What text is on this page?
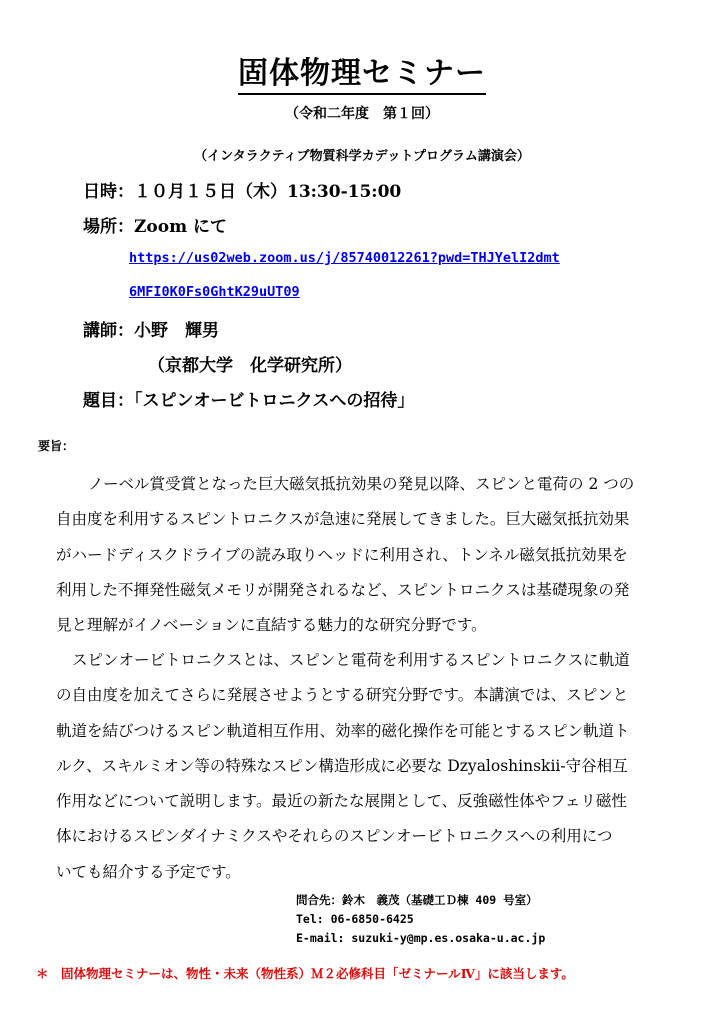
固体物理セミナー
（令和二年度　第１回）
（インタラクティブ物質科学カデットプログラム講演会）
日時：１０月１５日（木）13:30-15:00
場所：Zoom にて
https://us02web.zoom.us/j/85740012261?pwd=THJYelI2dmt
6MFI0K0Fs0GhtK29uUT09
講師：小野　輝男
（京都大学　化学研究所）
題目：「スピンオービトロニクスへの招待」
要旨：
ノーベル賞受賞となった巨大磁気抵抗効果の発見以降、スピンと電荷の 2 つの
自由度を利用するスピントロニクスが急速に発展してきました。巨大磁気抵抗効果
がハードディスクドライブの読み取りヘッドに利用され、トンネル磁気抵抗効果を
利用した不揮発性磁気メモリが開発されるなど、スピントロニクスは基礎現象の発
見と理解がイノベーションに直結する魅力的な研究分野です。
スピンオービトロニクスとは、スピンと電荷を利用するスピントロニクスに軌道
の自由度を加えてさらに発展させようとする研究分野です。本講演では、スピンと
軌道を結びつけるスピン軌道相互作用、効率的磁化操作を可能とするスピン軌道ト
ルク、スキルミオン等の特殊なスピン構造形成に必要な Dzyaloshinskii-守谷相互
作用などについて説明します。最近の新たな展開として、反強磁性体やフェリ磁性
体におけるスピンダイナミクスやそれらのスピンオービトロニクスへの利用につ
いても紹介する予定です。
問合先：鈴木　義茂（基礎工Ｄ棟 409 号室）
Tel: 06-6850-6425
E-mail: suzuki-y@mp.es.osaka-u.ac.jp
＊　固体物理セミナーは、物性・未来（物性系）Ｍ２必修科目「ゼミナールⅣ」に該当します。
